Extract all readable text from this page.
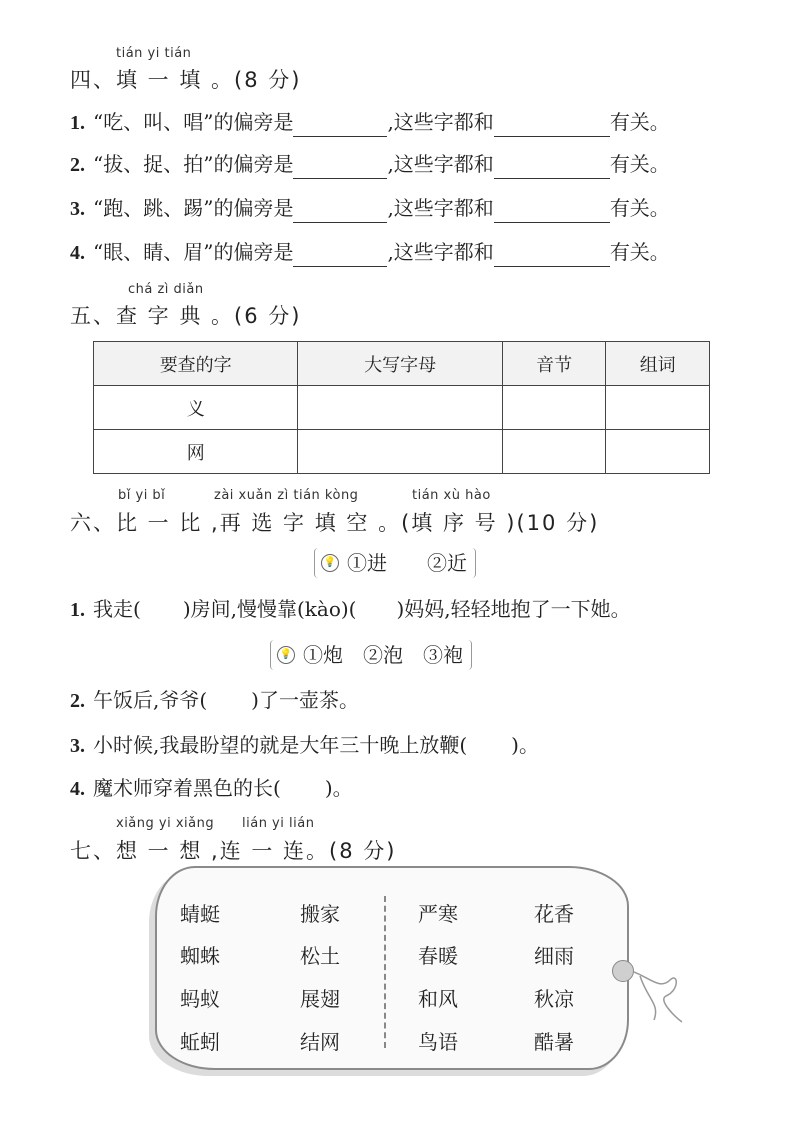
tián yi tián
四、填 一 填 。(8 分)
1. “吃、叫、唱”的偏旁是	,这些字都和	有关。
2. “拔、捉、拍”的偏旁是	,这些字都和	有关。
3. “跑、跳、踢”的偏旁是	,这些字都和	有关。
4. “眼、睛、眉”的偏旁是	,这些字都和	有关。
chá zì diǎn
五、查 字 典 。(6 分)
要查的字	大写字母	音节	组词
义			
网			
bǐ yi bǐ	zài xuǎn zì tián kòng	tián xù hào
六、比 一 比 ,再 选 字 填 空 。(填 序 号 )(10 分)
💡 ①进　　②近
1. 我走( )房间,慢慢靠(kào)( )妈妈,轻轻地抱了一下她。
💡 ①炮　②泡　③袍
2. 午饭后,爷爷( )了一壶茶。
3. 小时候,我最盼望的就是大年三十晚上放鞭( )。
4. 魔术师穿着黑色的长( )。
xiǎng yi xiǎng lián yi lián
七、想 一 想 ,连 一 连。(8 分)
蜻蜓
蜘蛛
蚂蚁
蚯蚓
搬家
松土
展翅
结网
严寒
春暖
和风
鸟语
花香
细雨
秋凉
酷暑
